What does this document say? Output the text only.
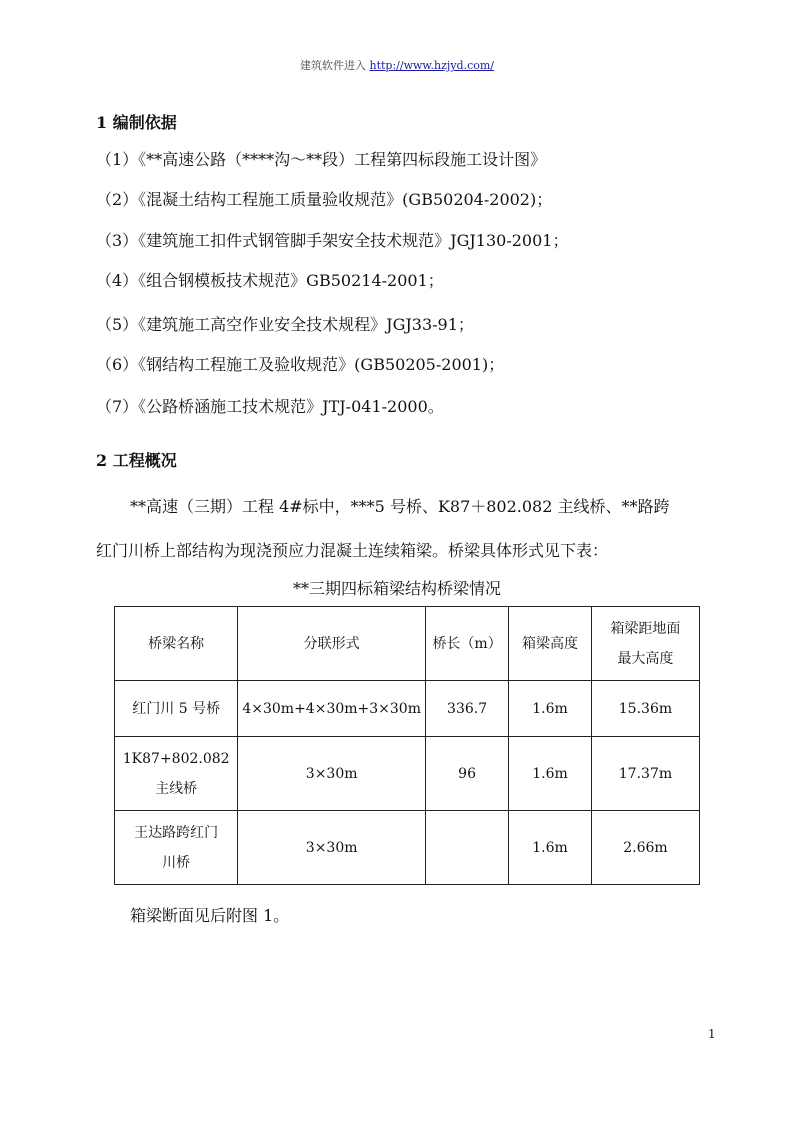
建筑软件进入 http://www.hzjyd.com/
1 编制依据
（1）《**高速公路（****沟～**段）工程第四标段施工设计图》
（2）《混凝土结构工程施工质量验收规范》(GB50204-2002)；
（3）《建筑施工扣件式钢管脚手架安全技术规范》JGJ130-2001；
（4）《组合钢模板技术规范》GB50214-2001；
（5）《建筑施工高空作业安全技术规程》JGJ33-91；
（6）《钢结构工程施工及验收规范》(GB50205-2001)；
（7）《公路桥涵施工技术规范》JTJ-041-2000。
2 工程概况
**高速（三期）工程 4#标中，***5 号桥、K87＋802.082 主线桥、**路跨
红门川桥上部结构为现浇预应力混凝土连续箱梁。桥梁具体形式见下表：
**三期四标箱梁结构桥梁情况
桥梁名称	分联形式	桥长（m）	箱梁高度	箱梁距地面
最大高度

红门川 5 号桥	4×30m+4×30m+3×30m	336.7	1.6m	15.36m

1K87+802.082
主线桥	3×30m	96	1.6m	17.37m

王达路跨红门
川桥	3×30m		1.6m	2.66m
箱梁断面见后附图 1。
1
